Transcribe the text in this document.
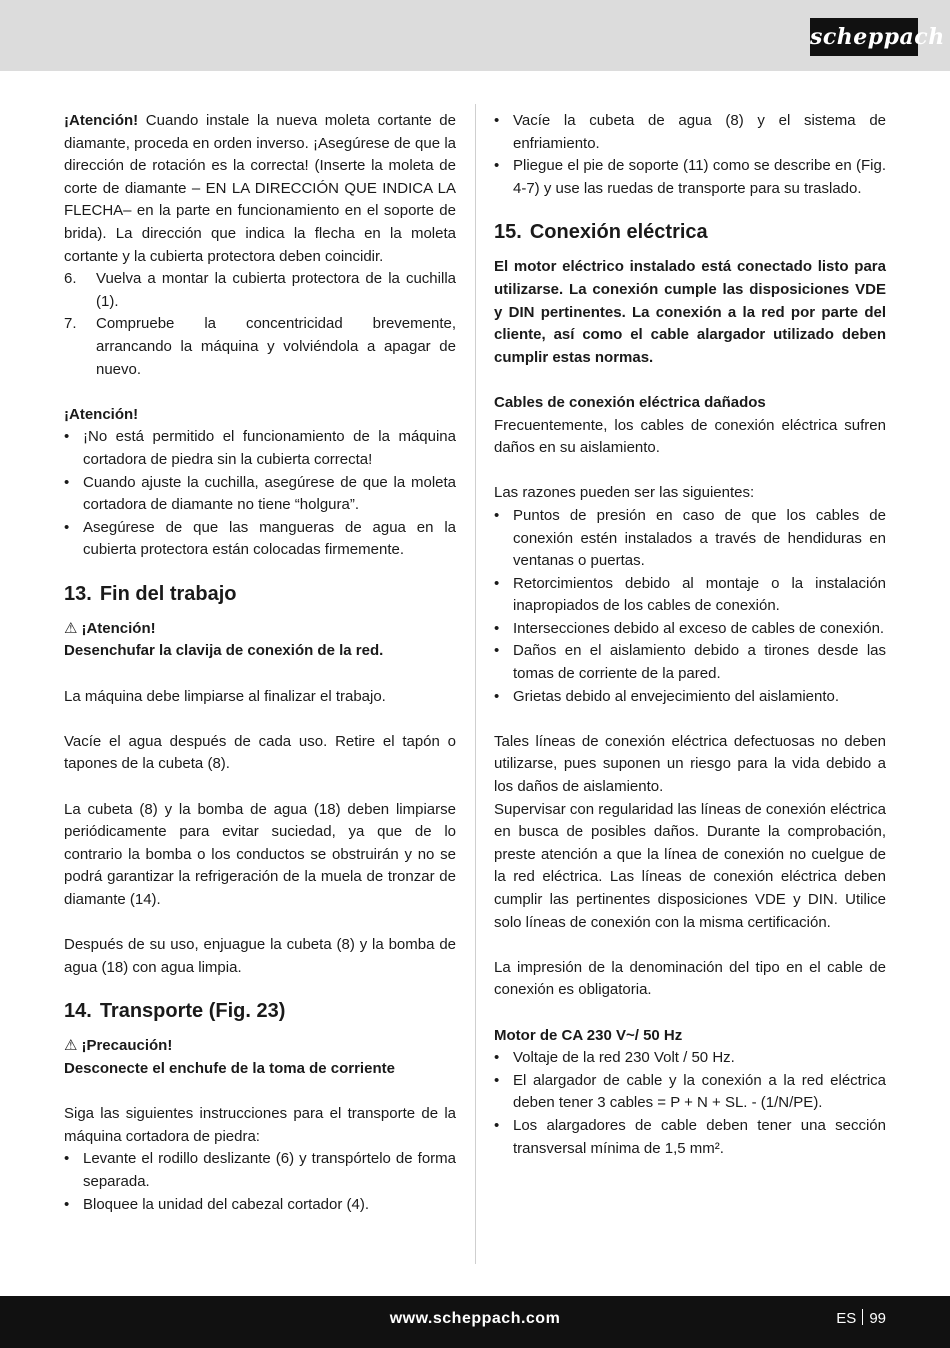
scheppach

¡Atención! Cuando instale la nueva moleta cortante de diamante, proceda en orden inverso. ¡Asegúrese de que la dirección de rotación es la correcta! (Inserte la moleta de corte de diamante – EN LA DIRECCIÓN QUE INDICA LA FLECHA– en la parte en funcionamiento en el soporte de brida). La dirección que indica la flecha en la moleta cortante y la cubierta protectora deben coincidir.

6. Vuelva a montar la cubierta protectora de la cuchilla (1).
7. Compruebe la concentricidad brevemente, arrancando la máquina y volviéndola a apagar de nuevo.

¡Atención!

• ¡No está permitido el funcionamiento de la máquina cortadora de piedra sin la cubierta correcta!
• Cuando ajuste la cuchilla, asegúrese de que la moleta cortadora de diamante no tiene “holgura”.
• Asegúrese de que las mangueras de agua en la cubierta protectora están colocadas firmemente.
13. Fin del trabajo

⚠ ¡Atención!

Desenchufar la clavija de conexión de la red.

La máquina debe limpiarse al finalizar el trabajo.

Vacíe el agua después de cada uso. Retire el tapón o tapones de la cubeta (8).

La cubeta (8) y la bomba de agua (18) deben limpiarse periódicamente para evitar suciedad, ya que de lo contrario la bomba o los conductos se obstruirán y no se podrá garantizar la refrigeración de la muela de tronzar de diamante (14).

Después de su uso, enjuague la cubeta (8) y la bomba de agua (18) con agua limpia.

14. Transporte (Fig. 23)

⚠ ¡Precaución!

Desconecte el enchufe de la toma de corriente

Siga las siguientes instrucciones para el transporte de la máquina cortadora de piedra:

• Levante el rodillo deslizante (6) y transpórtelo de forma separada.
• Bloquee la unidad del cabezal cortador (4).
• Vacíe la cubeta de agua (8) y el sistema de enfriamiento.
• Pliegue el pie de soporte (11) como se describe en (Fig. 4-7) y use las ruedas de transporte para su traslado.
15. Conexión eléctrica

El motor eléctrico instalado está conectado listo para utilizarse. La conexión cumple las disposiciones VDE y DIN pertinentes. La conexión a la red por parte del cliente, así como el cable alargador utilizado deben cumplir estas normas.

Cables de conexión eléctrica dañados

Frecuentemente, los cables de conexión eléctrica sufren daños en su aislamiento.

Las razones pueden ser las siguientes:

• Puntos de presión en caso de que los cables de conexión estén instalados a través de hendiduras en ventanas o puertas.
• Retorcimientos debido al montaje o la instalación inapropiados de los cables de conexión.
• Intersecciones debido al exceso de cables de conexión.
• Daños en el aislamiento debido a tirones desde las tomas de corriente de la pared.
• Grietas debido al envejecimiento del aislamiento.

Tales líneas de conexión eléctrica defectuosas no deben utilizarse, pues suponen un riesgo para la vida debido a los daños de aislamiento.

Supervisar con regularidad las líneas de conexión eléctrica en busca de posibles daños. Durante la comprobación, preste atención a que la línea de conexión no cuelgue de la red eléctrica. Las líneas de conexión eléctrica deben cumplir las pertinentes disposiciones VDE y DIN. Utilice solo líneas de conexión con la misma certificación.

La impresión de la denominación del tipo en el cable de conexión es obligatoria.

Motor de CA 230 V~/ 50 Hz

• Voltaje de la red 230 Volt / 50 Hz.
• El alargador de cable y la conexión a la red eléctrica deben tener 3 cables = P + N + SL. - (1/N/PE).
• Los alargadores de cable deben tener una sección transversal mínima de 1,5 mm².
www.scheppach.com	ES 99
